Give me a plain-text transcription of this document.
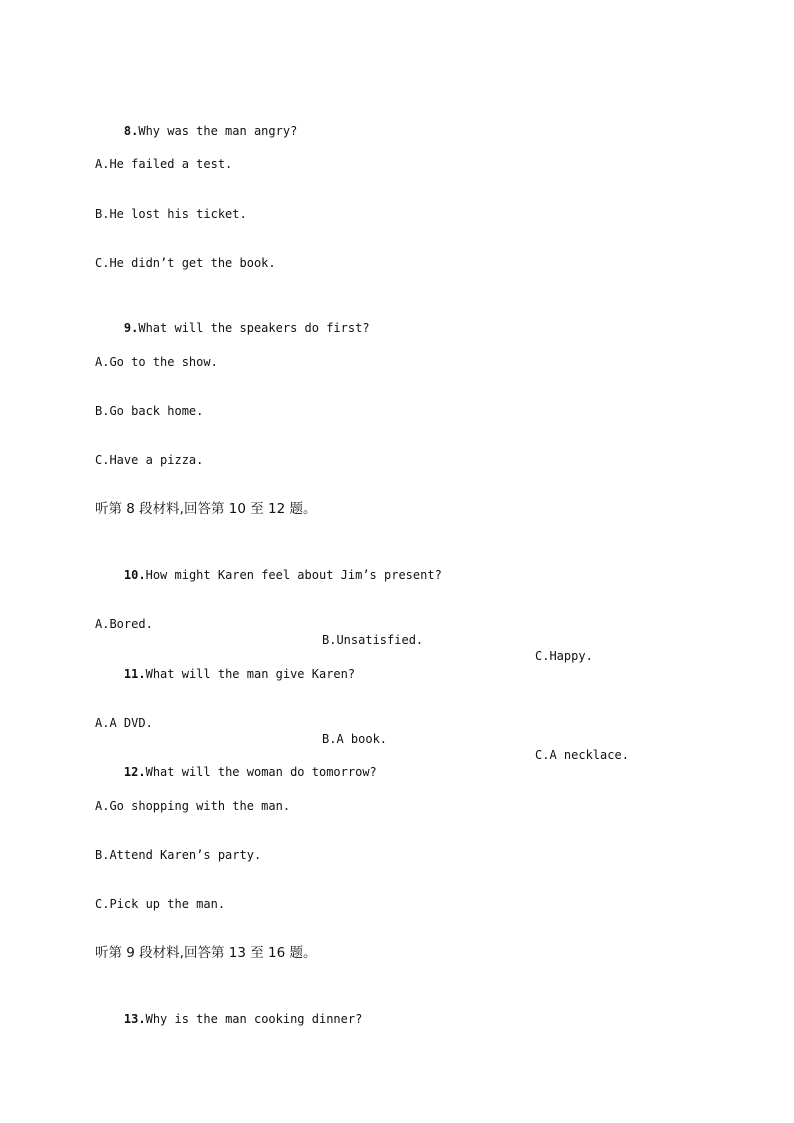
8.Why was the man angry?

A.He failed a test.
B.He lost his ticket.
C.He didn’t get the book.

9.What will the speakers do first?

A.Go to the show.
B.Go back home.
C.Have a pizza.
听第 8 段材料,回答第 10 至 12 题。

10.How might Karen feel about Jim’s present?

A.Bored.

B.Unsatisfied.

C.Happy.

11.What will the man give Karen?

A.A DVD.

B.A book.

C.A necklace.

12.What will the woman do tomorrow?

A.Go shopping with the man.
B.Attend Karen’s party.
C.Pick up the man.
听第 9 段材料,回答第 13 至 16 题。

13.Why is the man cooking dinner?
